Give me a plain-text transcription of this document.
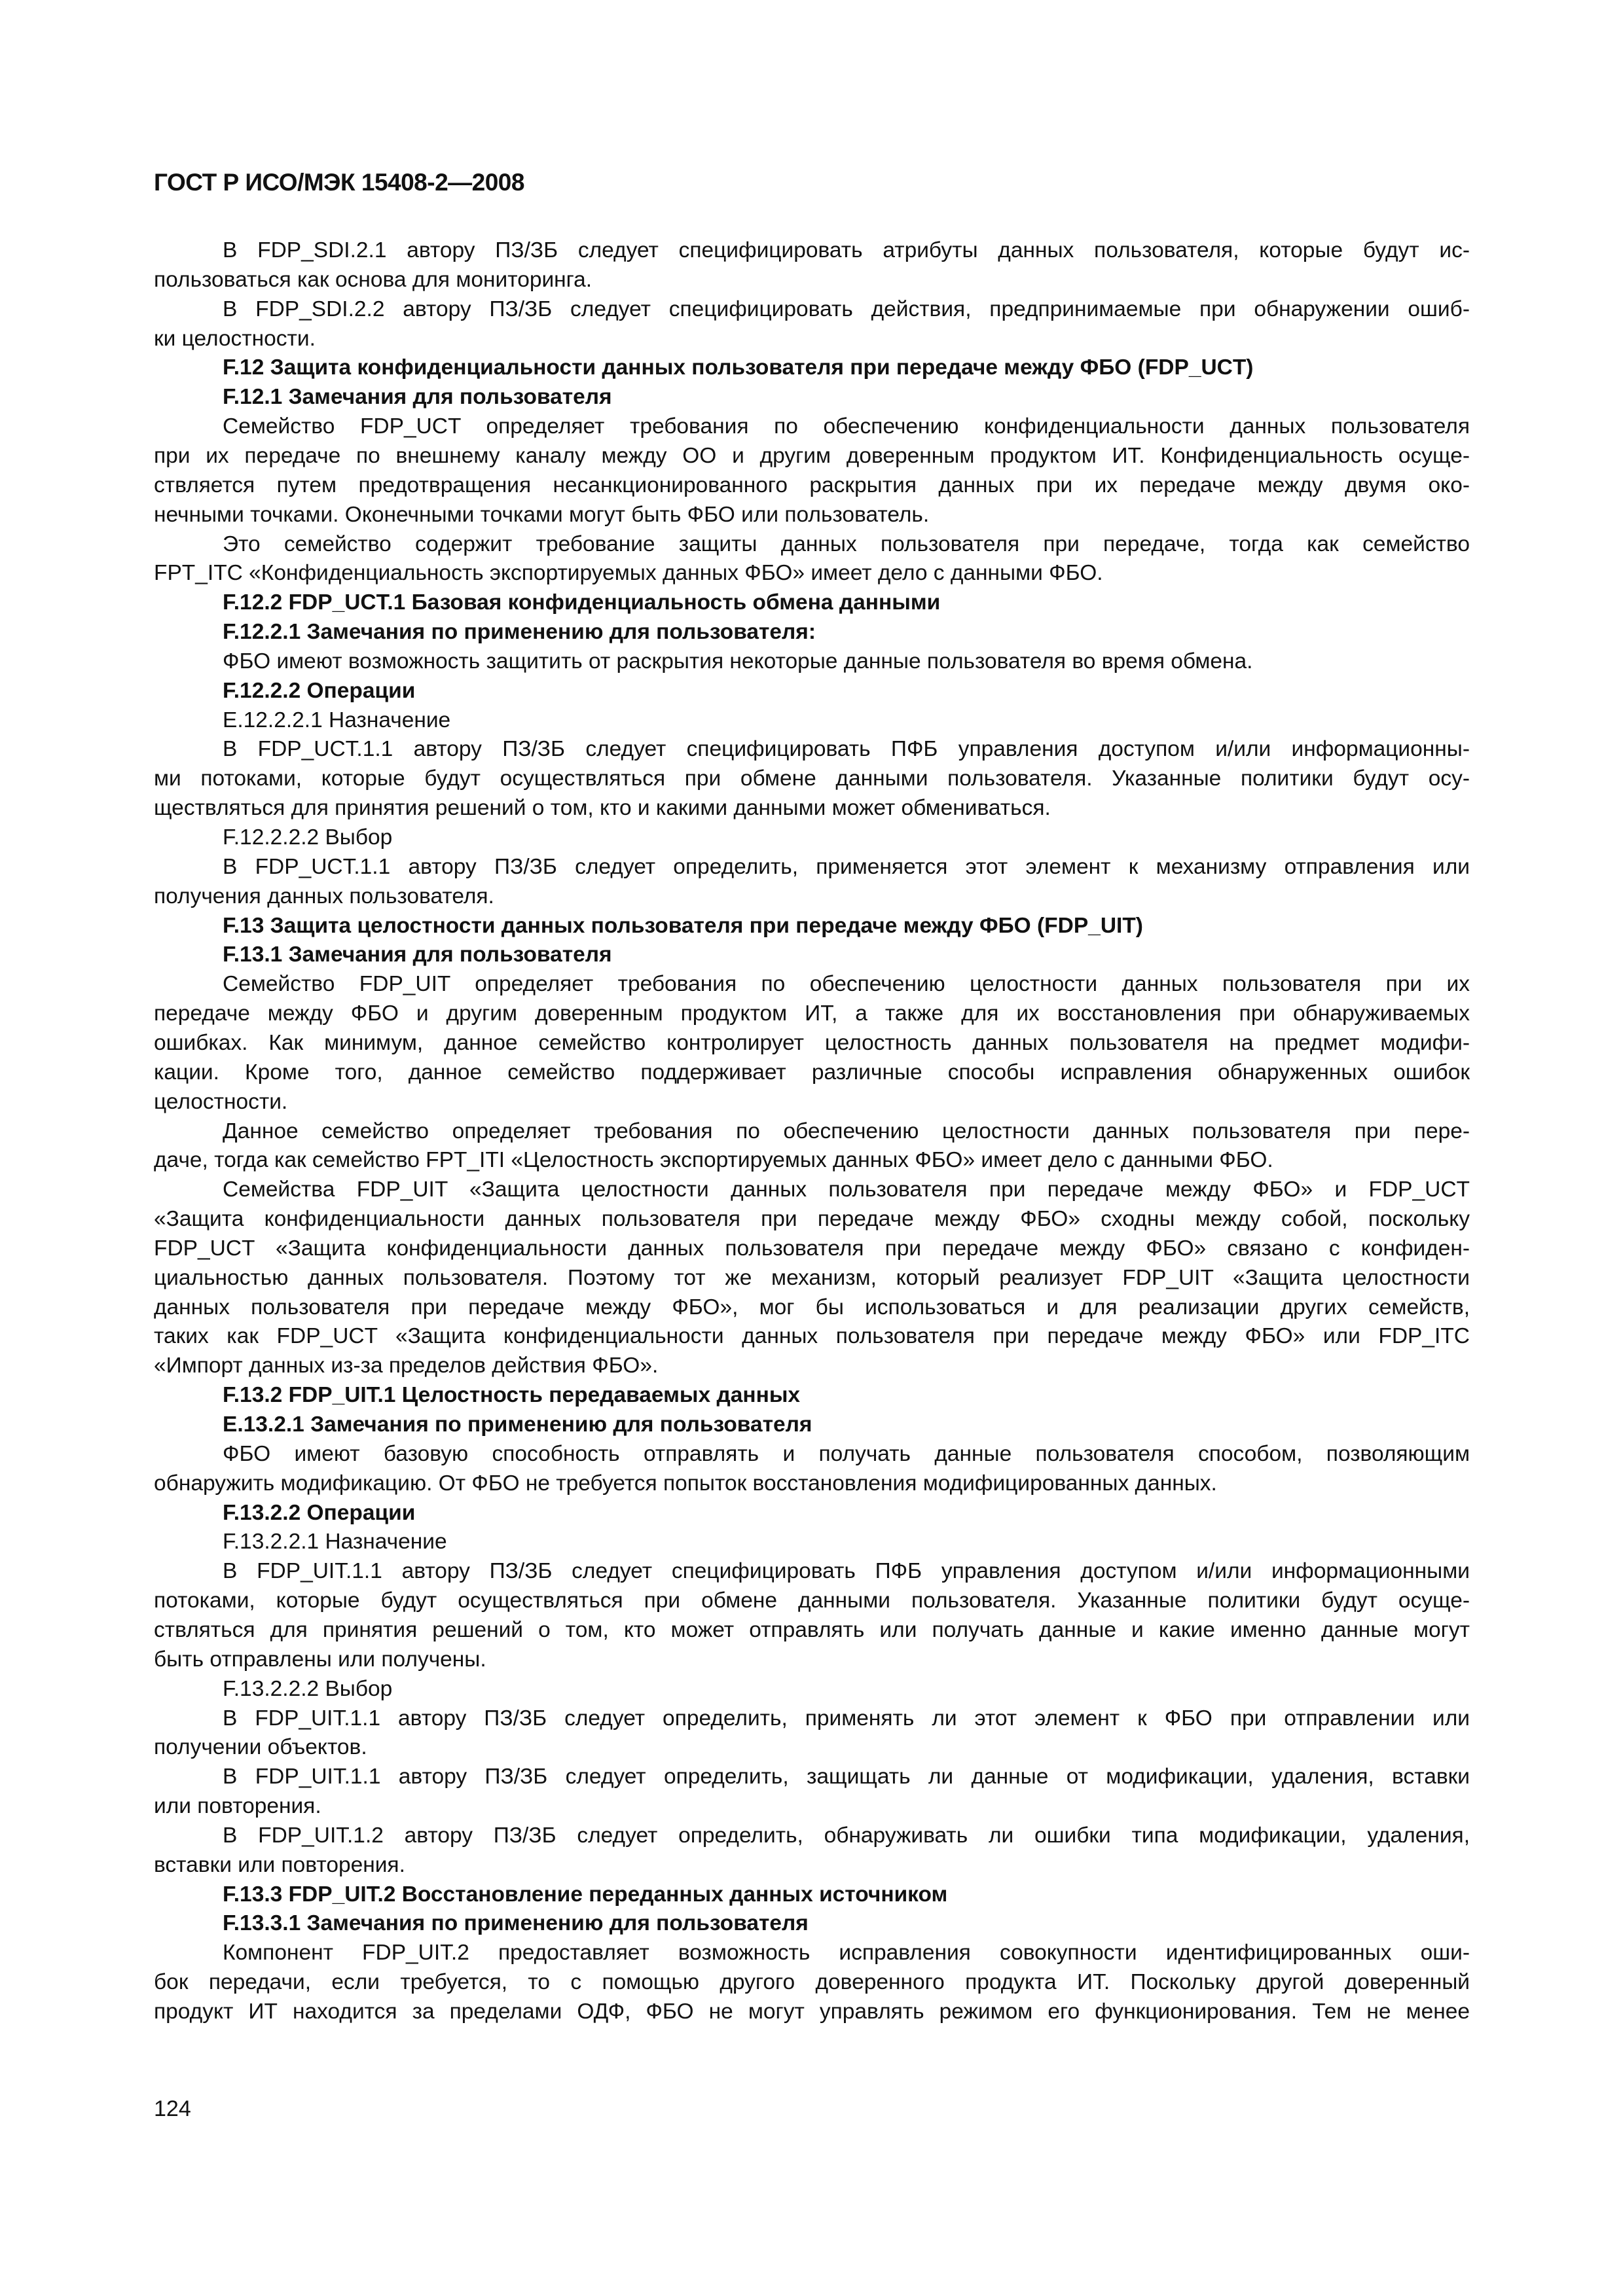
ГОСТ Р ИСО/МЭК 15408-2—2008
В FDP_SDI.2.1 автору ПЗ/ЗБ следует специфицировать атрибуты данных пользователя, которые будут ис-
пользоваться как основа для мониторинга.
В FDP_SDI.2.2 автору ПЗ/ЗБ следует специфицировать действия, предпринимаемые при обнаружении ошиб-
ки целостности.
F.12 Защита конфиденциальности данных пользователя при передаче между ФБО (FDP_UCT)
F.12.1 Замечания для пользователя
Семейство FDP_UCT определяет требования по обеспечению конфиденциальности данных пользователя
при их передаче по внешнему каналу между ОО и другим доверенным продуктом ИТ. Конфиденциальность осуще-
ствляется путем предотвращения несанкционированного раскрытия данных при их передаче между двумя око-
нечными точками. Оконечными точками могут быть ФБО или пользователь.
Это семейство содержит требование защиты данных пользователя при передаче, тогда как семейство
FPT_ITC «Конфиденциальность экспортируемых данных ФБО» имеет дело с данными ФБО.
F.12.2 FDP_UCT.1 Базовая конфиденциальность обмена данными
F.12.2.1 Замечания по применению для пользователя:
ФБО имеют возможность защитить от раскрытия некоторые данные пользователя во время обмена.
F.12.2.2 Операции
Е.12.2.2.1 Назначение
В FDP_UCT.1.1 автору ПЗ/ЗБ следует специфицировать ПФБ управления доступом и/или информационны-
ми потоками, которые будут осуществляться при обмене данными пользователя. Указанные политики будут осу-
ществляться для принятия решений о том, кто и какими данными может обмениваться.
F.12.2.2.2 Выбор
В FDP_UCT.1.1 автору ПЗ/ЗБ следует определить, применяется этот элемент к механизму отправления или
получения данных пользователя.
F.13 Защита целостности данных пользователя при передаче между ФБО (FDP_UIT)
F.13.1 Замечания для пользователя
Семейство FDP_UIT определяет требования по обеспечению целостности данных пользователя при их
передаче между ФБО и другим доверенным продуктом ИТ, а также для их восстановления при обнаруживаемых
ошибках. Как минимум, данное семейство контролирует целостность данных пользователя на предмет модифи-
кации. Кроме того, данное семейство поддерживает различные способы исправления обнаруженных ошибок
целостности.
Данное семейство определяет требования по обеспечению целостности данных пользователя при пере-
даче, тогда как семейство FPT_ITI «Целостность экспортируемых данных ФБО» имеет дело с данными ФБО.
Семейства FDP_UIT «Защита целостности данных пользователя при передаче между ФБО» и FDP_UCT
«Защита конфиденциальности данных пользователя при передаче между ФБО» сходны между собой, поскольку
FDP_UCT «Защита конфиденциальности данных пользователя при передаче между ФБО» связано с конфиден-
циальностью данных пользователя. Поэтому тот же механизм, который реализует FDP_UIT «Защита целостности
данных пользователя при передаче между ФБО», мог бы использоваться и для реализации других семейств,
таких как FDP_UCT «Защита конфиденциальности данных пользователя при передаче между ФБО» или FDP_ITC
«Импорт данных из-за пределов действия ФБО».
F.13.2 FDP_UIT.1 Целостность передаваемых данных
Е.13.2.1 Замечания по применению для пользователя
ФБО имеют базовую способность отправлять и получать данные пользователя способом, позволяющим
обнаружить модификацию. От ФБО не требуется попыток восстановления модифицированных данных.
F.13.2.2 Операции
F.13.2.2.1 Назначение
В FDP_UIT.1.1 автору ПЗ/ЗБ следует специфицировать ПФБ управления доступом и/или информационными
потоками, которые будут осуществляться при обмене данными пользователя. Указанные политики будут осуще-
ствляться для принятия решений о том, кто может отправлять или получать данные и какие именно данные могут
быть отправлены или получены.
F.13.2.2.2 Выбор
В FDP_UIT.1.1 автору ПЗ/ЗБ следует определить, применять ли этот элемент к ФБО при отправлении или
получении объектов.
В FDP_UIT.1.1 автору ПЗ/ЗБ следует определить, защищать ли данные от модификации, удаления, вставки
или повторения.
В FDP_UIT.1.2 автору ПЗ/ЗБ следует определить, обнаруживать ли ошибки типа модификации, удаления,
вставки или повторения.
F.13.3 FDP_UIT.2 Восстановление переданных данных источником
F.13.3.1 Замечания по применению для пользователя
Компонент FDP_UIT.2 предоставляет возможность исправления совокупности идентифицированных оши-
бок передачи, если требуется, то с помощью другого доверенного продукта ИТ. Поскольку другой доверенный
продукт ИТ находится за пределами ОДФ, ФБО не могут управлять режимом его функционирования. Тем не менее
124
